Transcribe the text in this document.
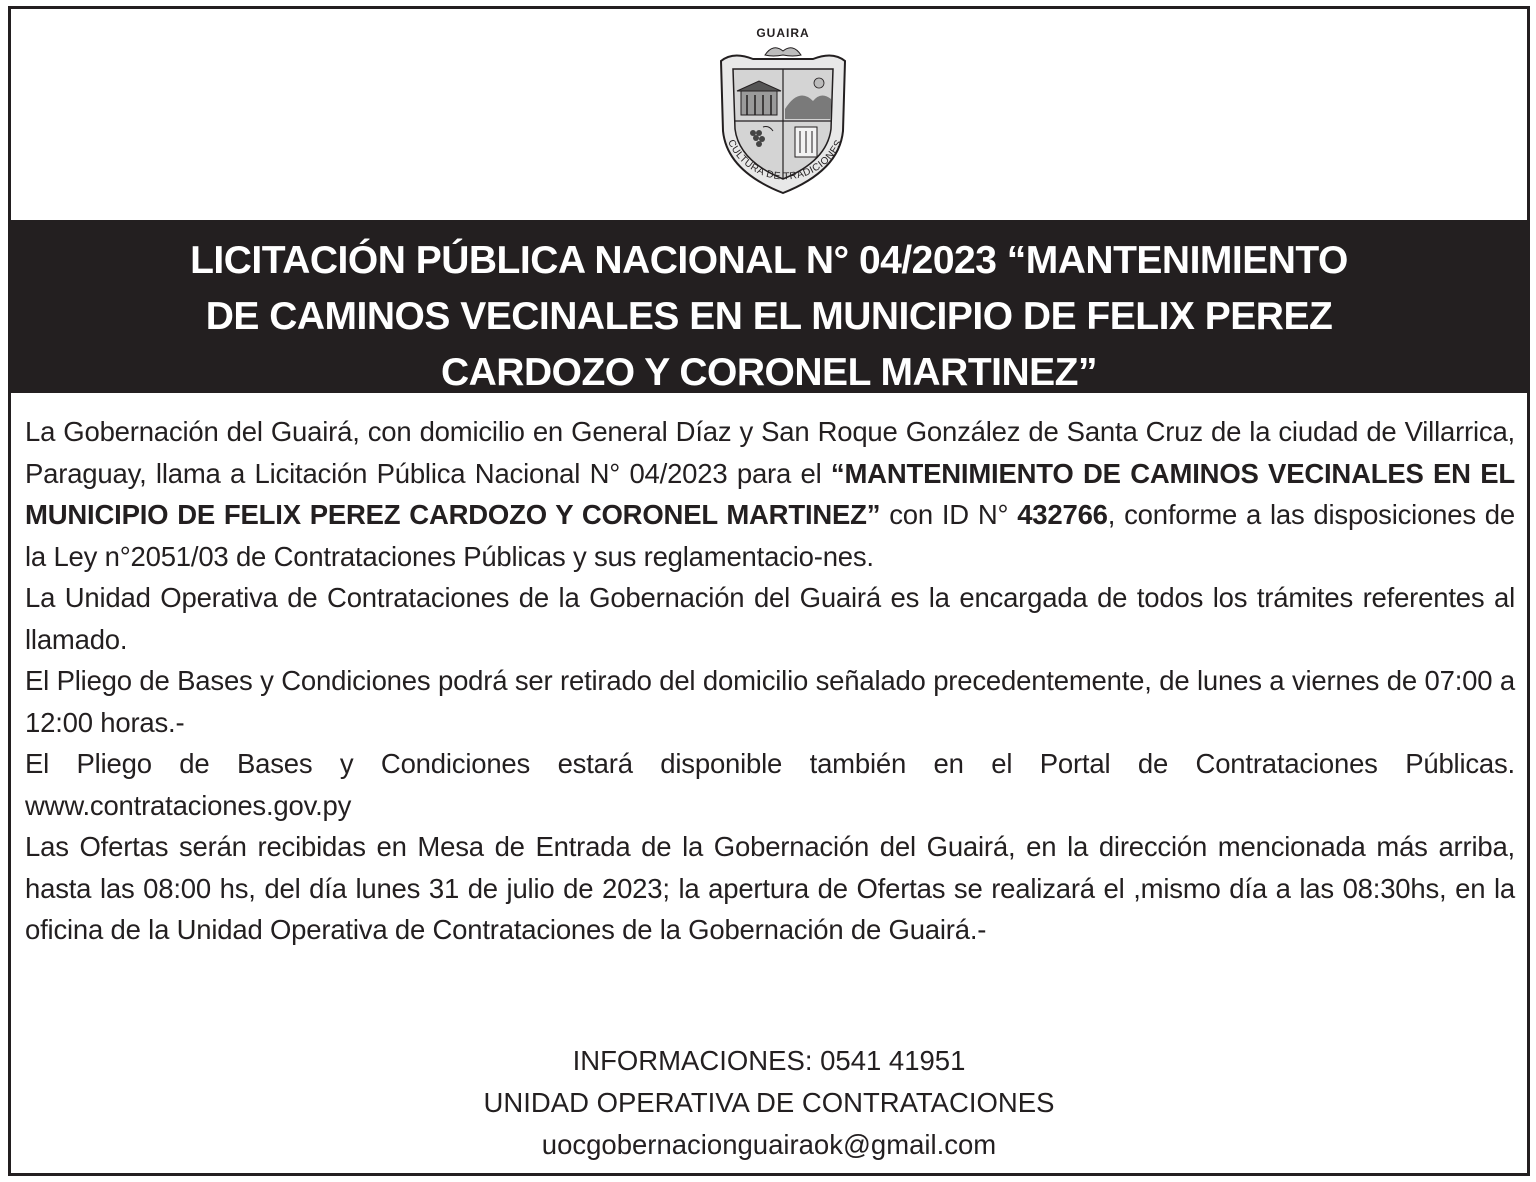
GUAIRA
CULTURA DE TRADICIONES
LICITACIÓN PÚBLICA NACIONAL N° 04/2023 “MANTENIMIENTO
DE CAMINOS VECINALES EN EL MUNICIPIO DE FELIX PEREZ
CARDOZO Y CORONEL MARTINEZ”

La Gobernación del Guairá, con domicilio en General Díaz y San Roque González de Santa Cruz de la ciudad de Villarrica, Paraguay, llama a Licitación Pública Nacional N° 04/2023 para el “MANTENIMIENTO DE CAMINOS VECINALES EN EL MUNICIPIO DE FELIX PEREZ CARDOZO Y CORONEL MARTINEZ” con ID N° 432766, conforme a las disposiciones de la Ley n°2051/03 de Contrataciones Públicas y sus reglamentacio-nes.

La Unidad Operativa de Contrataciones de la Gobernación del Guairá es la encargada de todos los trámites referentes al llamado.

El Pliego de Bases y Condiciones podrá ser retirado del domicilio señalado precedentemente, de lunes a viernes de 07:00 a 12:00 horas.-

El Pliego de Bases y Condiciones estará disponible también en el Portal de Contrataciones Públicas. www.contrataciones.gov.py

Las Ofertas serán recibidas en Mesa de Entrada de la Gobernación del Guairá, en la dirección mencionada más arriba, hasta las 08:00 hs, del día lunes 31 de julio de 2023; la apertura de Ofertas se realizará el ,mismo día a las 08:30hs, en la oficina de la Unidad Operativa de Contrataciones de la Gobernación de Guairá.-

INFORMACIONES: 0541 41951
UNIDAD OPERATIVA DE CONTRATACIONES
uocgobernacionguairaok@gmail.com
